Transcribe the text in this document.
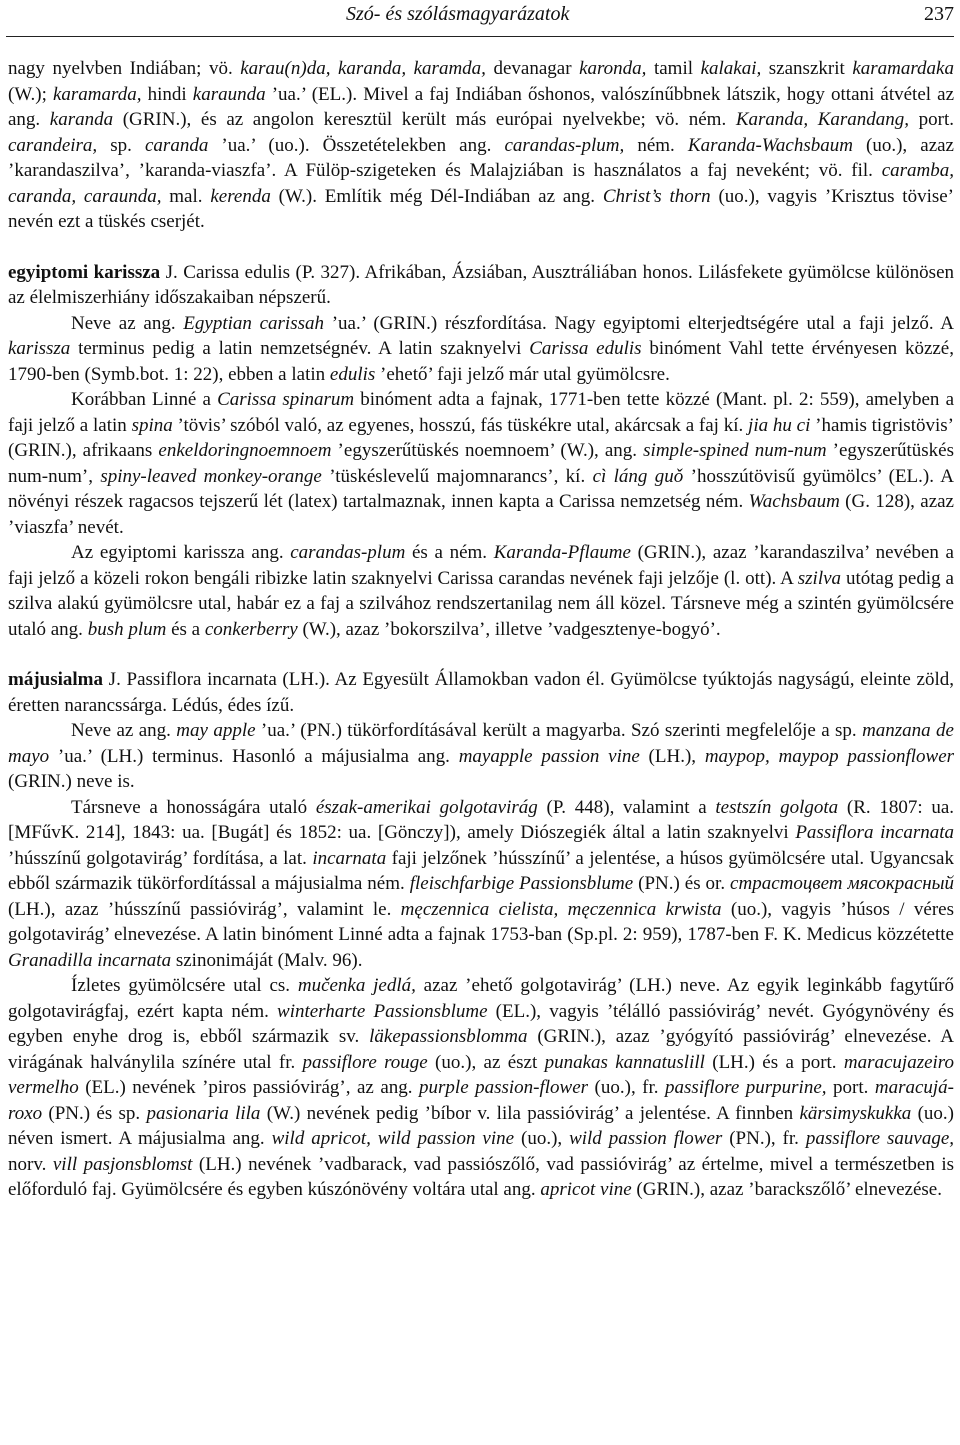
Szó- és szólásmagyarázatok	237

nagy nyelvben Indiában; vö. karau(n)da, karanda, karamda, devanagar karonda, tamil kalakai, szanszkrit karamardaka (W.); karamarda, hindi karaunda ’ua.’ (EL.). Mivel a faj Indiában őshonos, valószínűbbnek látszik, hogy ottani átvétel az ang. karanda (GRIN.), és az angolon keresztül került más európai nyelvekbe; vö. ném. Karanda, Karandang, port. carandeira, sp. caranda ’ua.’ (uo.). Összetételekben ang. carandas-plum, ném. Karanda-Wachsbaum (uo.), azaz ’karandaszilva’, ’karanda-viaszfa’. A Fülöp-szigeteken és Malajziában is használatos a faj neveként; vö. fil. caramba, caranda, caraunda, mal. kerenda (W.). Említik még Dél-Indiában az ang. Christ’s thorn (uo.), vagyis ’Krisztus tövise’ nevén ezt a tüskés cserjét.

egyiptomi karissza J. Carissa edulis (P. 327). Afrikában, Ázsiában, Ausztráliában honos. Lilásfekete gyümölcse különösen az élelmiszerhiány időszakaiban népszerű.

Neve az ang. Egyptian carissah ’ua.’ (GRIN.) részfordítása. Nagy egyiptomi elterjedtségére utal a faji jelző. A karissza terminus pedig a latin nemzetségnév. A latin szaknyelvi Carissa edulis binóment Vahl tette érvényesen közzé, 1790-ben (Symb.bot. 1: 22), ebben a latin edulis ’ehető’ faji jelző már utal gyümölcsre.

Korábban Linné a Carissa spinarum binóment adta a fajnak, 1771-ben tette közzé (Mant. pl. 2: 559), amelyben a faji jelző a latin spina ’tövis’ szóból való, az egyenes, hosszú, fás tüskékre utal, akárcsak a faj kí. jia hu ci ’hamis tigristövis’ (GRIN.), afrikaans enkeldoringnoemnoem ’egyszerűtüskés noemnoem’ (W.), ang. simple-spined num-num ’egyszerűtüskés num-num’, spiny-leaved monkey-orange ’tüskéslevelű majomnarancs’, kí. cì láng guǒ ’hosszútövisű gyümölcs’ (EL.). A növényi részek ragacsos tejszerű lét (latex) tartalmaznak, innen kapta a Carissa nemzetség ném. Wachsbaum (G. 128), azaz ’viaszfa’ nevét.

Az egyiptomi karissza ang. carandas-plum és a ném. Karanda-Pflaume (GRIN.), azaz ’karandaszilva’ nevében a faji jelző a közeli rokon bengáli ribizke latin szaknyelvi Carissa carandas nevének faji jelzője (l. ott). A szilva utótag pedig a szilva alakú gyümölcsre utal, habár ez a faj a szilvához rendszertanilag nem áll közel. Társneve még a szintén gyümölcsére utaló ang. bush plum és a conkerberry (W.), azaz ’bokorszilva’, illetve ’vadgesztenye-bogyó’.

májusialma J. Passiflora incarnata (LH.). Az Egyesült Államokban vadon él. Gyümölcse tyúktojás nagyságú, eleinte zöld, éretten narancssárga. Lédús, édes ízű.

Neve az ang. may apple ’ua.’ (PN.) tükörfordításával került a magyarba. Szó szerinti megfelelője a sp. manzana de mayo ’ua.’ (LH.) terminus. Hasonló a májusialma ang. mayapple passion vine (LH.), maypop, maypop passionflower (GRIN.) neve is.

Társneve a honosságára utaló észak-amerikai golgotavirág (P. 448), valamint a testszín golgota (R. 1807: ua. [MFűvK. 214], 1843: ua. [Bugát] és 1852: ua. [Gönczy]), amely Diószegiék által a latin szaknyelvi Passiflora incarnata ’hússzínű golgotavirág’ fordítása, a lat. incarnata faji jelzőnek ’hússzínű’ a jelentése, a húsos gyümölcsére utal. Ugyancsak ebből származik tükörfordítással a májusialma ném. fleischfarbige Passionsblume (PN.) és or. страстоцвет мясокрасный (LH.), azaz ’hússzínű passióvirág’, valamint le. męczennica cielista, męczennica krwista (uo.), vagyis ’húsos / véres golgotavirág’ elnevezése. A latin binóment Linné adta a fajnak 1753-ban (Sp.pl. 2: 959), 1787-ben F. K. Medicus közzétette Granadilla incarnata szinonimáját (Malv. 96).

Ízletes gyümölcsére utal cs. mučenka jedlá, azaz ’ehető golgotavirág’ (LH.) neve. Az egyik leginkább fagytűrő golgotavirágfaj, ezért kapta ném. winterharte Passionsblume (EL.), vagyis ’télálló passióvirág’ nevét. Gyógynövény és egyben enyhe drog is, ebből származik sv. läkepassionsblomma (GRIN.), azaz ’gyógyító passióvirág’ elnevezése. A virágának halványlila színére utal fr. passiflore rouge (uo.), az észt punakas kannatuslill (LH.) és a port. maracujazeiro vermelho (EL.) nevének ’piros passióvirág’, az ang. purple passion-flower (uo.), fr. passiflore purpurine, port. maracujá-roxo (PN.) és sp. pasionaria lila (W.) nevének pedig ’bíbor v. lila passióvirág’ a jelentése. A finnben kärsimyskukka (uo.) néven ismert. A májusialma ang. wild apricot, wild passion vine (uo.), wild passion flower (PN.), fr. passiflore sauvage, norv. vill pasjonsblomst (LH.) nevének ’vadbarack, vad passiószőlő, vad passióvirág’ az értelme, mivel a természetben is előforduló faj. Gyümölcsére és egyben kúszónövény voltára utal ang. apricot vine (GRIN.), azaz ’barackszőlő’ elnevezése.
